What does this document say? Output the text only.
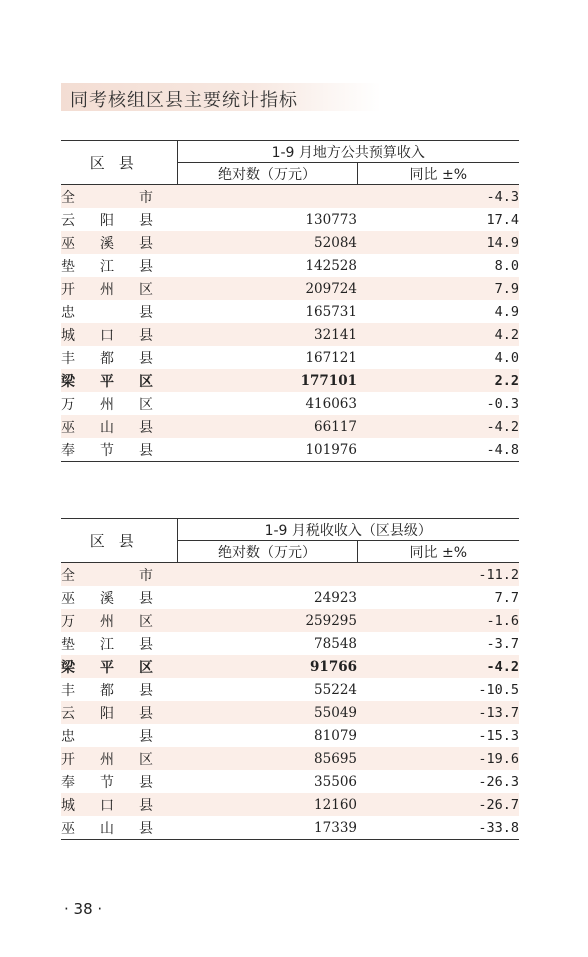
同考核组区县主要统计指标
区县	1-9 月地方公共预算收入	
	绝对数（万元）	同比 ±%

全 市		-4.3

云 阳 县	130773	17.4

巫 溪 县	52084	14.9

垫 江 县	142528	8.0

开 州 区	209724	7.9

忠 县	165731	4.9

城 口 县	32141	4.2

丰 都 县	167121	4.0

梁 平 区	177101	2.2

万 州 区	416063	-0.3

巫 山 县	66117	-4.2

奉 节 县	101976	-4.8
区县	1-9 月税收收入（区县级）	
	绝对数（万元）	同比 ±%

全 市		-11.2

巫 溪 县	24923	7.7

万 州 区	259295	-1.6

垫 江 县	78548	-3.7

梁 平 区	91766	-4.2

丰 都 县	55224	-10.5

云 阳 县	55049	-13.7

忠 县	81079	-15.3

开 州 区	85695	-19.6

奉 节 县	35506	-26.3

城 口 县	12160	-26.7

巫 山 县	17339	-33.8
· 38 ·
